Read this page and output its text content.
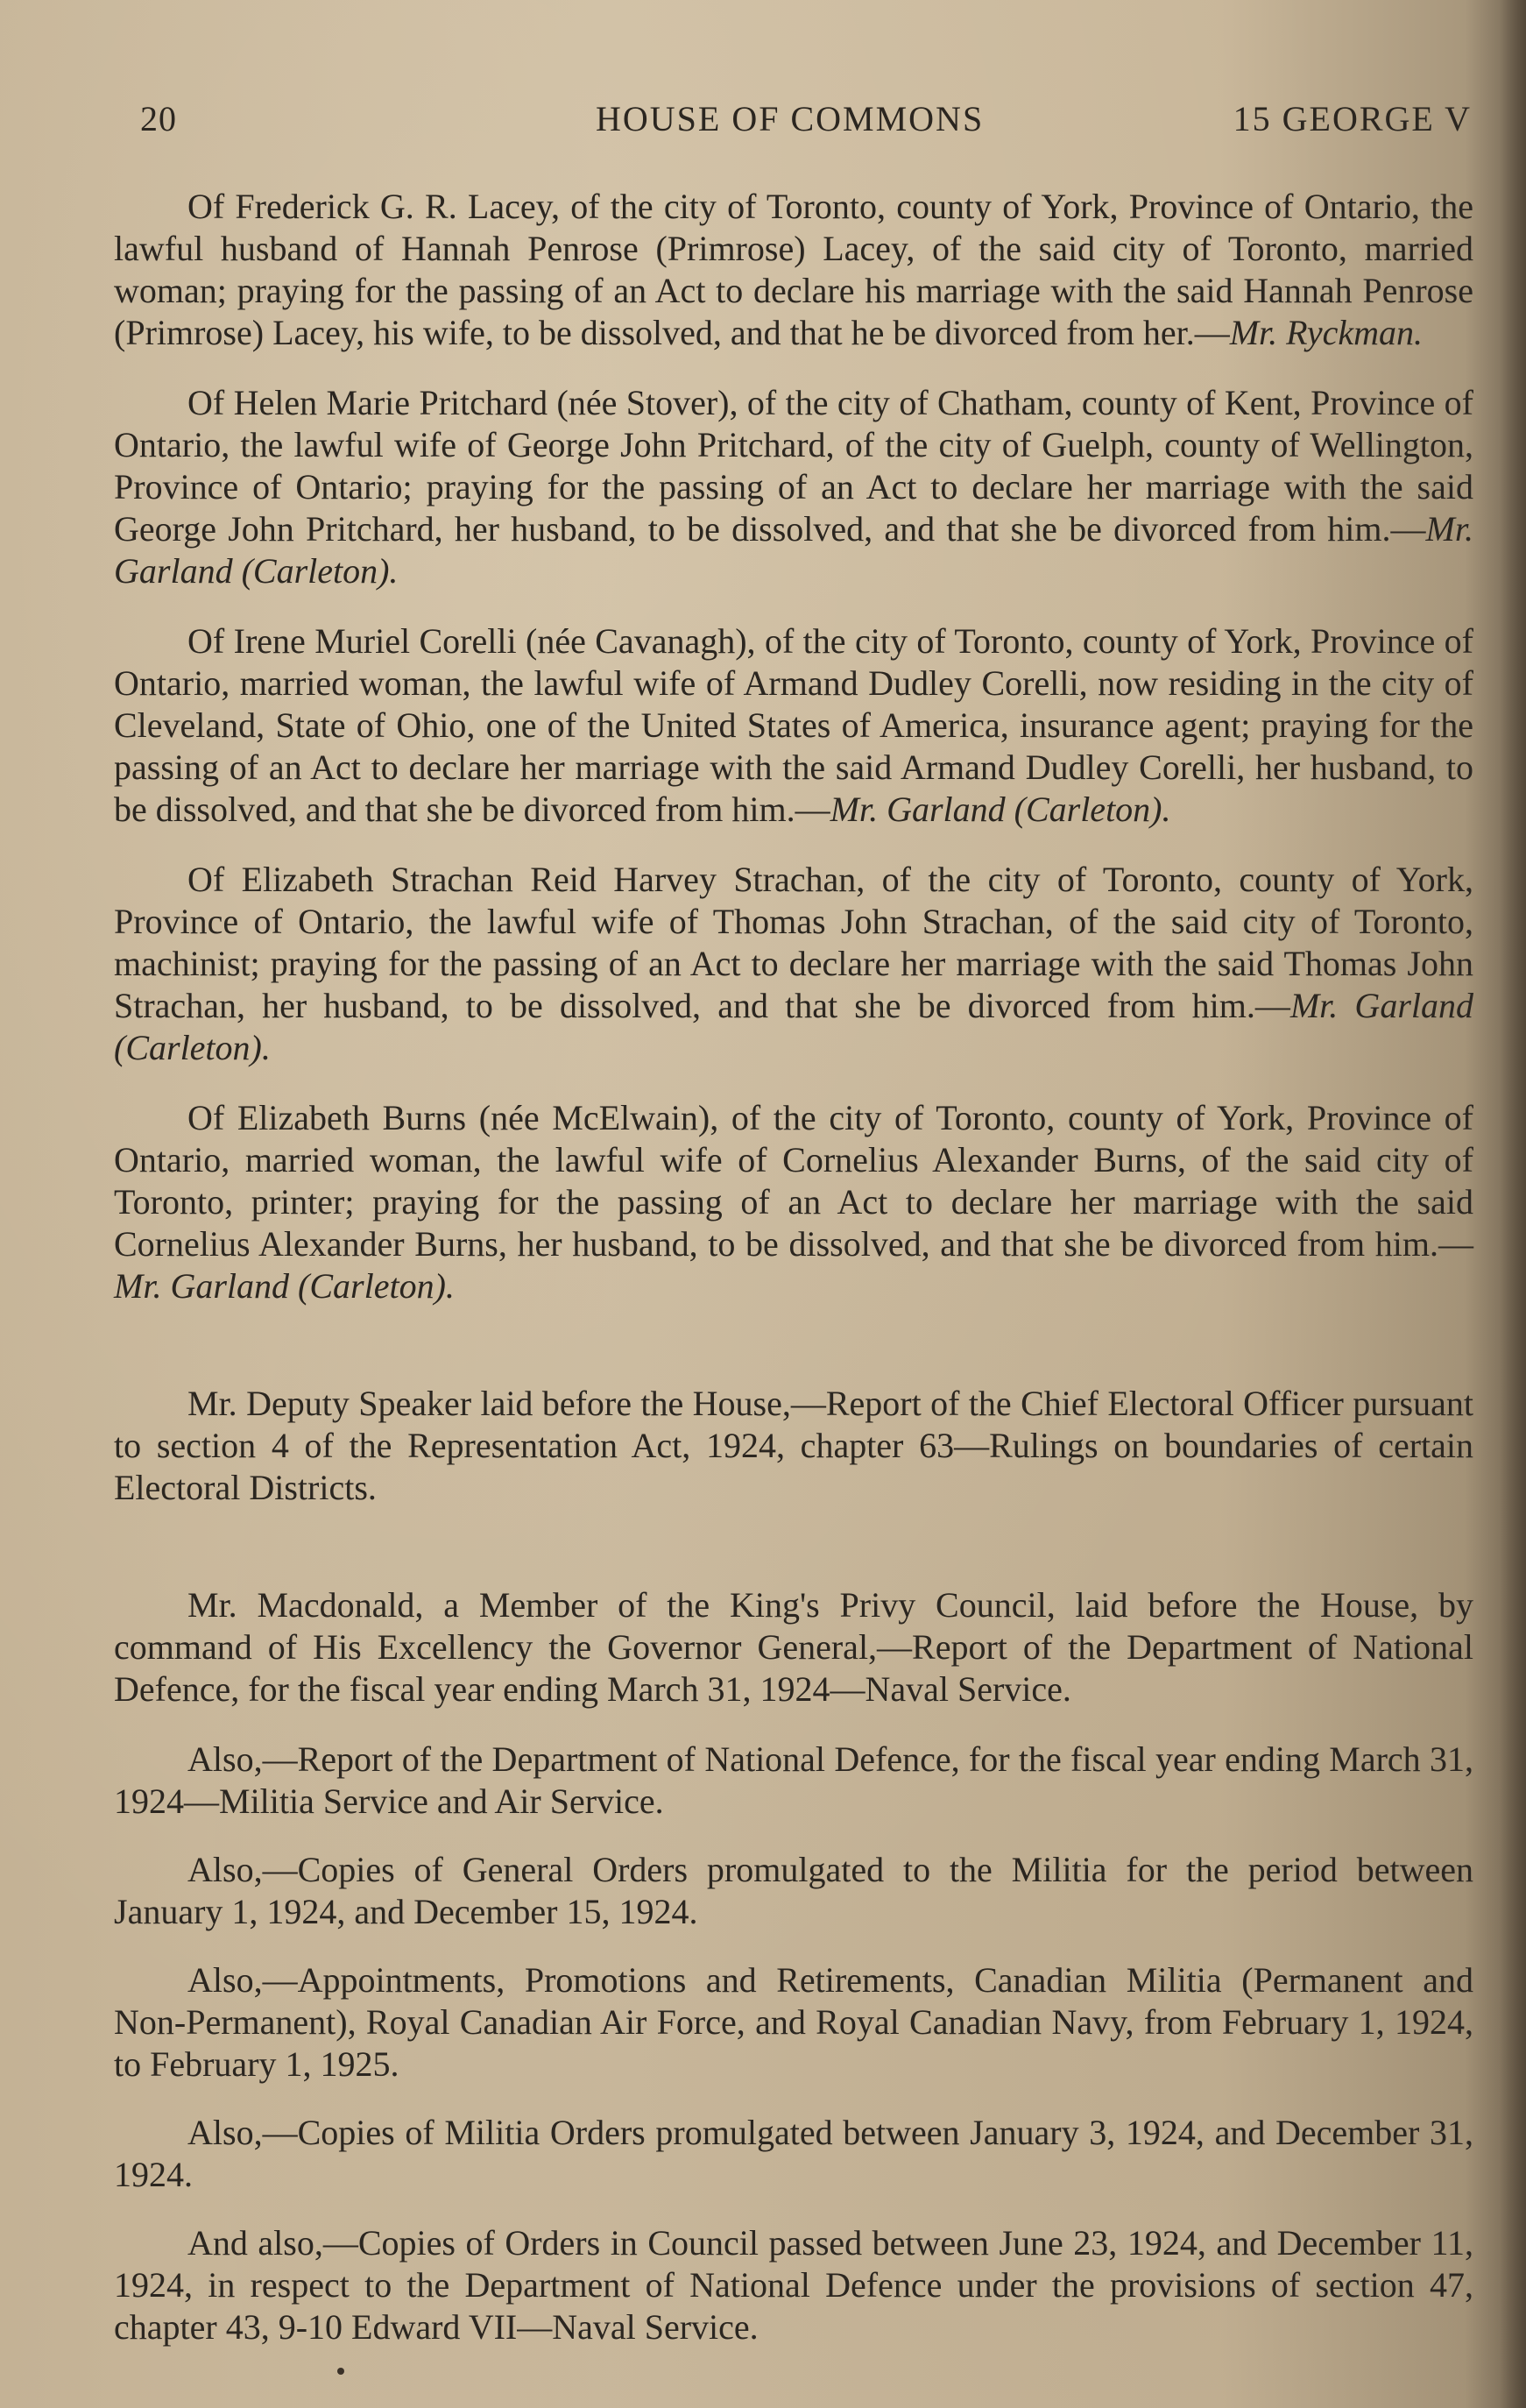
20	HOUSE OF COMMONS	15 GEORGE V

Of Frederick G. R. Lacey, of the city of Toronto, county of York, Province of Ontario, the lawful husband of Hannah Penrose (Primrose) Lacey, of the said city of Toronto, married woman; praying for the passing of an Act to declare his marriage with the said Hannah Penrose (Primrose) Lacey, his wife, to be dissolved, and that he be divorced from her.—Mr. Ryckman.

Of Helen Marie Pritchard (née Stover), of the city of Chatham, county of Kent, Province of Ontario, the lawful wife of George John Pritchard, of the city of Guelph, county of Wellington, Province of Ontario; praying for the passing of an Act to declare her marriage with the said George John Pritchard, her husband, to be dissolved, and that she be divorced from him.—Mr. Garland (Carleton).

Of Irene Muriel Corelli (née Cavanagh), of the city of Toronto, county of York, Province of Ontario, married woman, the lawful wife of Armand Dudley Corelli, now residing in the city of Cleveland, State of Ohio, one of the United States of America, insurance agent; praying for the passing of an Act to declare her marriage with the said Armand Dudley Corelli, her husband, to be dissolved, and that she be divorced from him.—Mr. Garland (Carleton).

Of Elizabeth Strachan Reid Harvey Strachan, of the city of Toronto, county of York, Province of Ontario, the lawful wife of Thomas John Strachan, of the said city of Toronto, machinist; praying for the passing of an Act to declare her marriage with the said Thomas John Strachan, her husband, to be dissolved, and that she be divorced from him.—Mr. Garland (Carleton).

Of Elizabeth Burns (née McElwain), of the city of Toronto, county of York, Province of Ontario, married woman, the lawful wife of Cornelius Alexander Burns, of the said city of Toronto, printer; praying for the passing of an Act to declare her marriage with the said Cornelius Alexander Burns, her husband, to be dissolved, and that she be divorced from him.—Mr. Garland (Carleton).

Mr. Deputy Speaker laid before the House,—Report of the Chief Electoral Officer pursuant to section 4 of the Representation Act, 1924, chapter 63—Rulings on boundaries of certain Electoral Districts.

Mr. Macdonald, a Member of the King's Privy Council, laid before the House, by command of His Excellency the Governor General,—Report of the Department of National Defence, for the fiscal year ending March 31, 1924—Naval Service.

Also,—Report of the Department of National Defence, for the fiscal year ending March 31, 1924—Militia Service and Air Service.

Also,—Copies of General Orders promulgated to the Militia for the period between January 1, 1924, and December 15, 1924.

Also,—Appointments, Promotions and Retirements, Canadian Militia (Permanent and Non-Permanent), Royal Canadian Air Force, and Royal Canadian Navy, from February 1, 1924, to February 1, 1925.

Also,—Copies of Militia Orders promulgated between January 3, 1924, and December 31, 1924.

And also,—Copies of Orders in Council passed between June 23, 1924, and December 11, 1924, in respect to the Department of National Defence under the provisions of section 47, chapter 43, 9-10 Edward VII—Naval Service.
